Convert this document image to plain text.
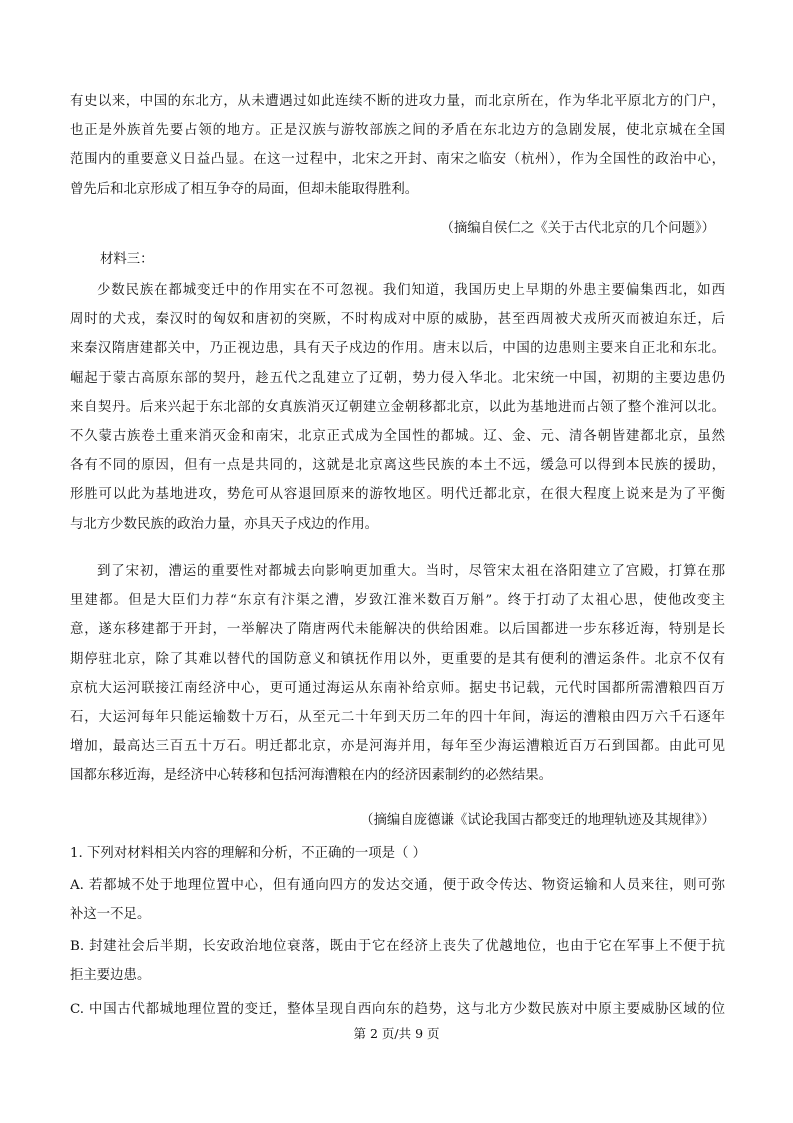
有史以来，中国的东北方，从未遭遇过如此连续不断的进攻力量，而北京所在，作为华北平原北方的门户，
也正是外族首先要占领的地方。正是汉族与游牧部族之间的矛盾在东北边方的急剧发展，使北京城在全国
范围内的重要意义日益凸显。在这一过程中，北宋之开封、南宋之临安（杭州），作为全国性的政治中心，
曾先后和北京形成了相互争夺的局面，但却未能取得胜利。
（摘编自侯仁之《关于古代北京的几个问题》）
材料三：
少数民族在都城变迁中的作用实在不可忽视。我们知道，我国历史上早期的外患主要偏集西北，如西
周时的犬戎，秦汉时的匈奴和唐初的突厥，不时构成对中原的威胁，甚至西周被犬戎所灭而被迫东迁，后
来秦汉隋唐建都关中，乃正视边患，具有天子戍边的作用。唐末以后，中国的边患则主要来自正北和东北。
崛起于蒙古高原东部的契丹，趁五代之乱建立了辽朝，势力侵入华北。北宋统一中国，初期的主要边患仍
来自契丹。后来兴起于东北部的女真族消灭辽朝建立金朝移都北京，以此为基地进而占领了整个淮河以北。
不久蒙古族卷土重来消灭金和南宋，北京正式成为全国性的都城。辽、金、元、清各朝皆建都北京，虽然
各有不同的原因，但有一点是共同的，这就是北京离这些民族的本土不远，缓急可以得到本民族的援助，
形胜可以此为基地进攻，势危可从容退回原来的游牧地区。明代迁都北京，在很大程度上说来是为了平衡
与北方少数民族的政治力量，亦具天子戍边的作用。
到了宋初，漕运的重要性对都城去向影响更加重大。当时，尽管宋太祖在洛阳建立了宫殿，打算在那
里建都。但是大臣们力荐“东京有汴渠之漕，岁致江淮米数百万斛”。终于打动了太祖心思，使他改变主
意，遂东移建都于开封，一举解决了隋唐两代未能解决的供给困难。以后国都进一步东移近海，特别是长
期停驻北京，除了其难以替代的国防意义和镇抚作用以外，更重要的是其有便利的漕运条件。北京不仅有
京杭大运河联接江南经济中心，更可通过海运从东南补给京师。据史书记载，元代时国都所需漕粮四百万
石，大运河每年只能运输数十万石，从至元二十年到天历二年的四十年间，海运的漕粮由四万六千石逐年
增加，最高达三百五十万石。明迁都北京，亦是河海并用，每年至少海运漕粮近百万石到国都。由此可见
国都东移近海，是经济中心转移和包括河海漕粮在内的经济因素制约的必然结果。
（摘编自庞德谦《试论我国古都变迁的地理轨迹及其规律》）
1. 下列对材料相关内容的理解和分析，不正确的一项是（ ）
A. 若都城不处于地理位置中心，但有通向四方的发达交通，便于政令传达、物资运输和人员来往，则可弥
补这一不足。
B. 封建社会后半期，长安政治地位衰落，既由于它在经济上丧失了优越地位，也由于它在军事上不便于抗
拒主要边患。
C. 中国古代都城地理位置的变迁，整体呈现自西向东的趋势，这与北方少数民族对中原主要威胁区域的位
第 2 页/共 9 页
